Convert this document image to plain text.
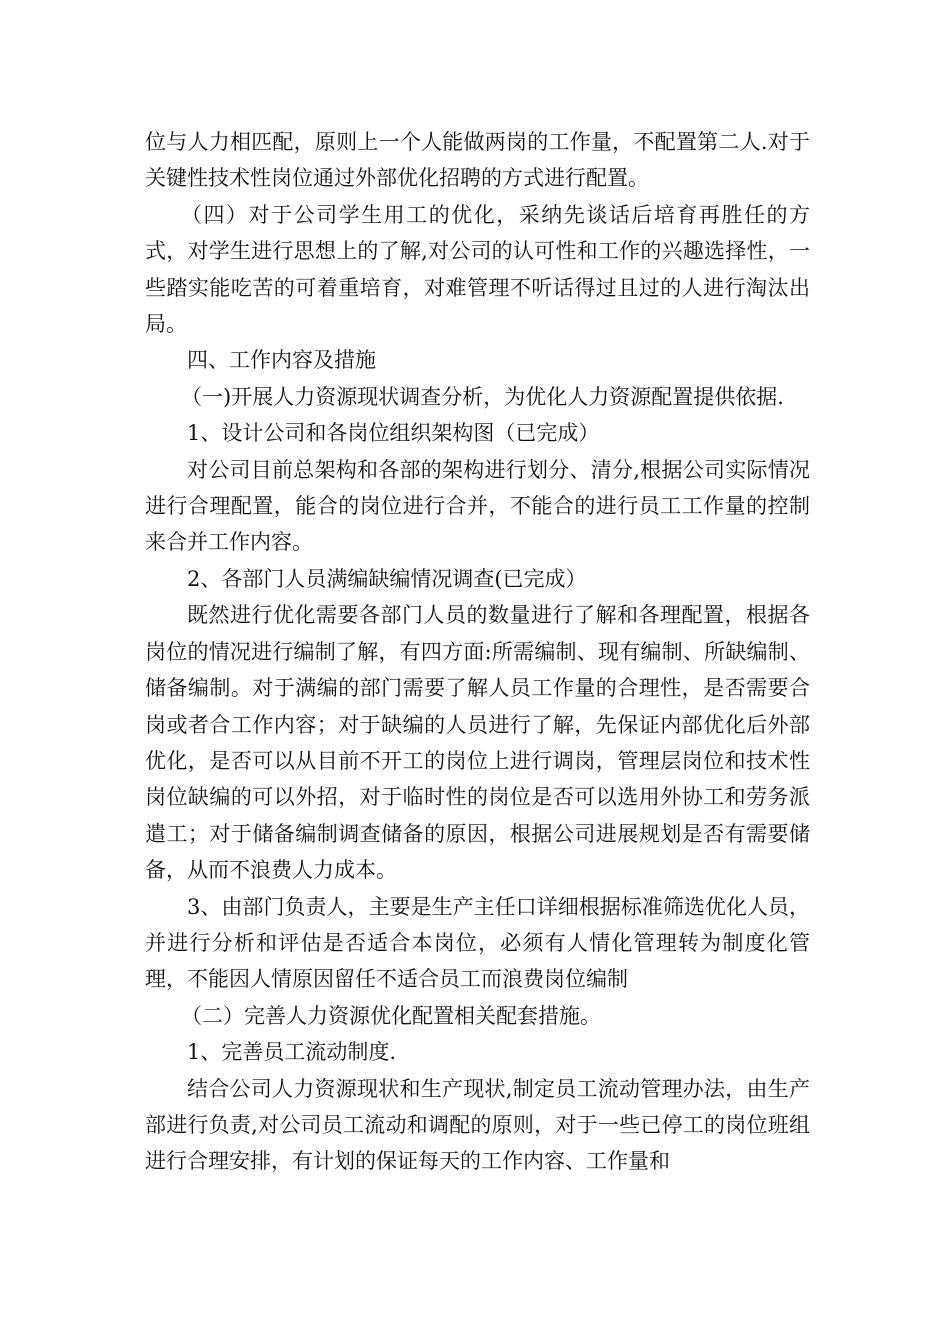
位与人力相匹配，原则上一个人能做两岗的工作量，不配置第二人.对于关键性技术性岗位通过外部优化招聘的方式进行配置。

（四）对于公司学生用工的优化，采纳先谈话后培育再胜任的方式，对学生进行思想上的了解,对公司的认可性和工作的兴趣选择性，一些踏实能吃苦的可着重培育，对难管理不听话得过且过的人进行淘汰出局。

四、工作内容及措施

（一)开展人力资源现状调查分析，为优化人力资源配置提供依据.

1、设计公司和各岗位组织架构图（已完成）

对公司目前总架构和各部的架构进行划分、清分,根据公司实际情况进行合理配置，能合的岗位进行合并，不能合的进行员工工作量的控制来合并工作内容。

2、各部门人员满编缺编情况调查(已完成）

既然进行优化需要各部门人员的数量进行了解和各理配置，根据各岗位的情况进行编制了解，有四方面:所需编制、现有编制、所缺编制、储备编制。对于满编的部门需要了解人员工作量的合理性，是否需要合岗或者合工作内容；对于缺编的人员进行了解，先保证内部优化后外部优化，是否可以从目前不开工的岗位上进行调岗，管理层岗位和技术性岗位缺编的可以外招，对于临时性的岗位是否可以选用外协工和劳务派遣工；对于储备编制调查储备的原因，根据公司进展规划是否有需要储备，从而不浪费人力成本。

3、由部门负责人，主要是生产主任口详细根据标准筛选优化人员，并进行分析和评估是否适合本岗位，必须有人情化管理转为制度化管理，不能因人情原因留任不适合员工而浪费岗位编制

（二）完善人力资源优化配置相关配套措施。

1、完善员工流动制度.

结合公司人力资源现状和生产现状,制定员工流动管理办法，由生产部进行负责,对公司员工流动和调配的原则，对于一些已停工的岗位班组进行合理安排，有计划的保证每天的工作内容、工作量和
